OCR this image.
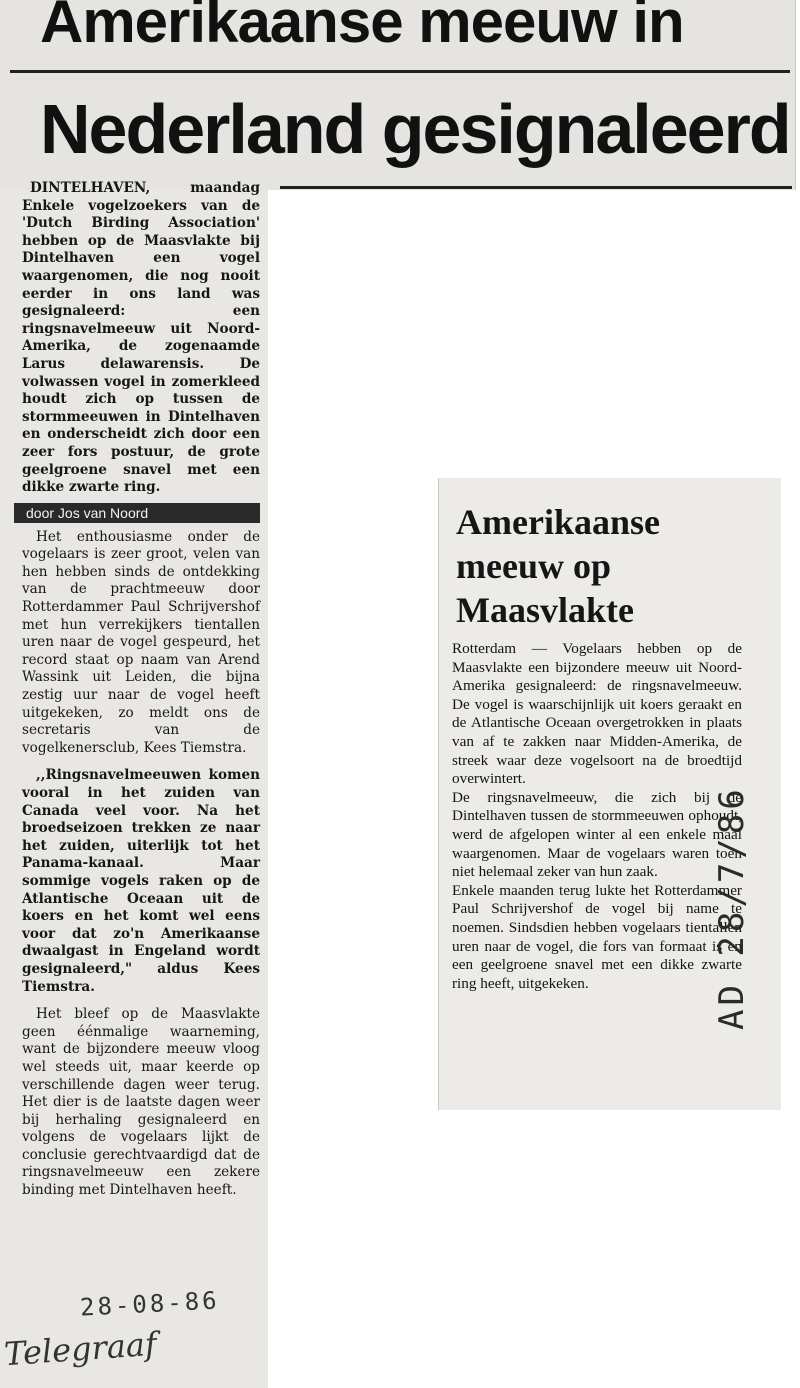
Amerikaanse meeuw in
Nederland gesignaleerd

DINTELHAVEN, maandag Enkele vogelzoekers van de 'Dutch Birding Association' hebben op de Maasvlakte bij Dintelhaven een vogel waargenomen, die nog nooit eerder in ons land was gesignaleerd: een ringsnavelmeeuw uit Noord-Amerika, de zogenaamde Larus delawarensis. De volwassen vogel in zomerkleed houdt zich op tussen de stormmeeuwen in Dintelhaven en onderscheidt zich door een zeer fors postuur, de grote geelgroene snavel met een dikke zwarte ring.

door Jos van Noord

Het enthousiasme onder de vogelaars is zeer groot, velen van hen hebben sinds de ontdekking van de prachtmeeuw door Rotterdammer Paul Schrijvershof met hun verrekijkers tientallen uren naar de vogel gespeurd, het record staat op naam van Arend Wassink uit Leiden, die bijna zestig uur naar de vogel heeft uitgekeken, zo meldt ons de secretaris van de vogelkenersclub, Kees Tiemstra.

,,Ringsnavelmeeuwen komen vooral in het zuiden van Canada veel voor. Na het broedseizoen trekken ze naar het zuiden, uiterlijk tot het Panama-kanaal. Maar sommige vogels raken op de Atlantische Oceaan uit de koers en het komt wel eens voor dat zo'n Amerikaanse dwaalgast in Engeland wordt gesignaleerd," aldus Kees Tiemstra.

Het bleef op de Maasvlakte geen éénmalige waarneming, want de bijzondere meeuw vloog wel steeds uit, maar keerde op verschillende dagen weer terug. Het dier is de laatste dagen weer bij herhaling gesignaleerd en volgens de vogelaars lijkt de conclusie gerechtvaardigd dat de ringsnavelmeeuw een zekere binding met Dintelhaven heeft.

28-08-86
Telegraaf
Amerikaanse meeuw op Maasvlakte

Rotterdam — Vogelaars hebben op de Maasvlakte een bijzondere meeuw uit Noord-Amerika gesignaleerd: de ringsnavelmeeuw. De vogel is waarschijnlijk uit koers geraakt en de Atlantische Oceaan overgetrokken in plaats van af te zakken naar Midden-Amerika, de streek waar deze vogelsoort na de broedtijd overwintert.

De ringsnavelmeeuw, die zich bij de Dintelhaven tussen de stormmeeuwen ophoudt, werd de afgelopen winter al een enkele maal waargenomen. Maar de vogelaars waren toen niet helemaal zeker van hun zaak.

Enkele maanden terug lukte het Rotterdammer Paul Schrijvershof de vogel bij name te noemen. Sindsdien hebben vogelaars tientallen uren naar de vogel, die fors van formaat is en een geelgroene snavel met een dikke zwarte ring heeft, uitgekeken.	AD 28/7/86
